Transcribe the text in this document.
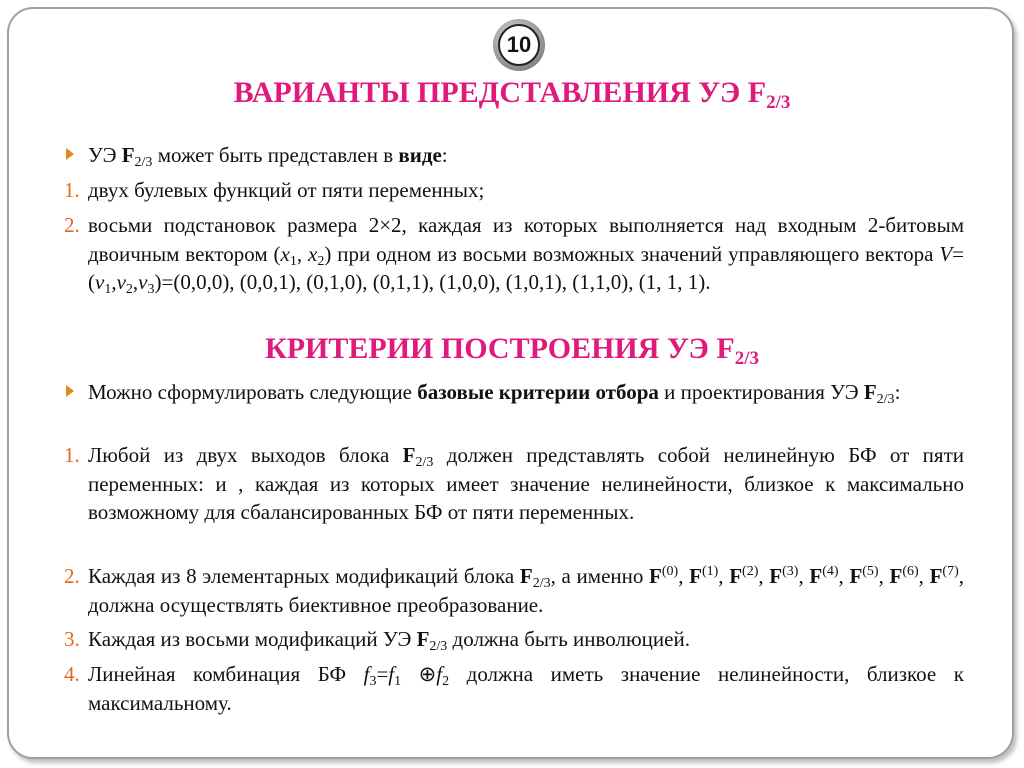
10
ВАРИАНТЫ ПРЕДСТАВЛЕНИЯ УЭ $F_{2/3}$
УЭ $F_{2/3}$ может быть представлен в виде:
1. двух булевых функций от пяти переменных;
2. восьми подстановок размера 2×2, каждая из которых выполняется над входным 2-битовым двоичным вектором ($x_1$, $x_2$) при одном из восьми возможных значений управляющего вектора $V=(v_1,v_2,v_3)=(0,0,0)$, (0,0,1), (0,1,0), (0,1,1), (1,0,0), (1,0,1), (1,1,0), (1, 1, 1).
КРИТЕРИИ ПОСТРОЕНИЯ УЭ $F_{2/3}$
Можно сформулировать следующие базовые критерии отбора и проектирования УЭ $F_{2/3}$:
1. Любой из двух выходов блока $F_{2/3}$ должен представлять собой нелинейную БФ от пяти переменных: и , каждая из которых имеет значение нелинейности, близкое к максимально возможному для сбалансированных БФ от пяти переменных.
2. Каждая из 8 элементарных модификаций блока $F_{2/3}$, а именно $F^{(0)}$, $F^{(1)}$, $F^{(2)}$, $F^{(3)}$, $F^{(4)}$, $F^{(5)}$, $F^{(6)}$, $F^{(7)}$, должна осуществлять биективное преобразование.
3. Каждая из восьми модификаций УЭ $F_{2/3}$ должна быть инволюцией.
4. Линейная комбинация БФ $f_3=f_1$ $\oplus f_2$ должна иметь значение нелинейности, близкое к максимальному.
